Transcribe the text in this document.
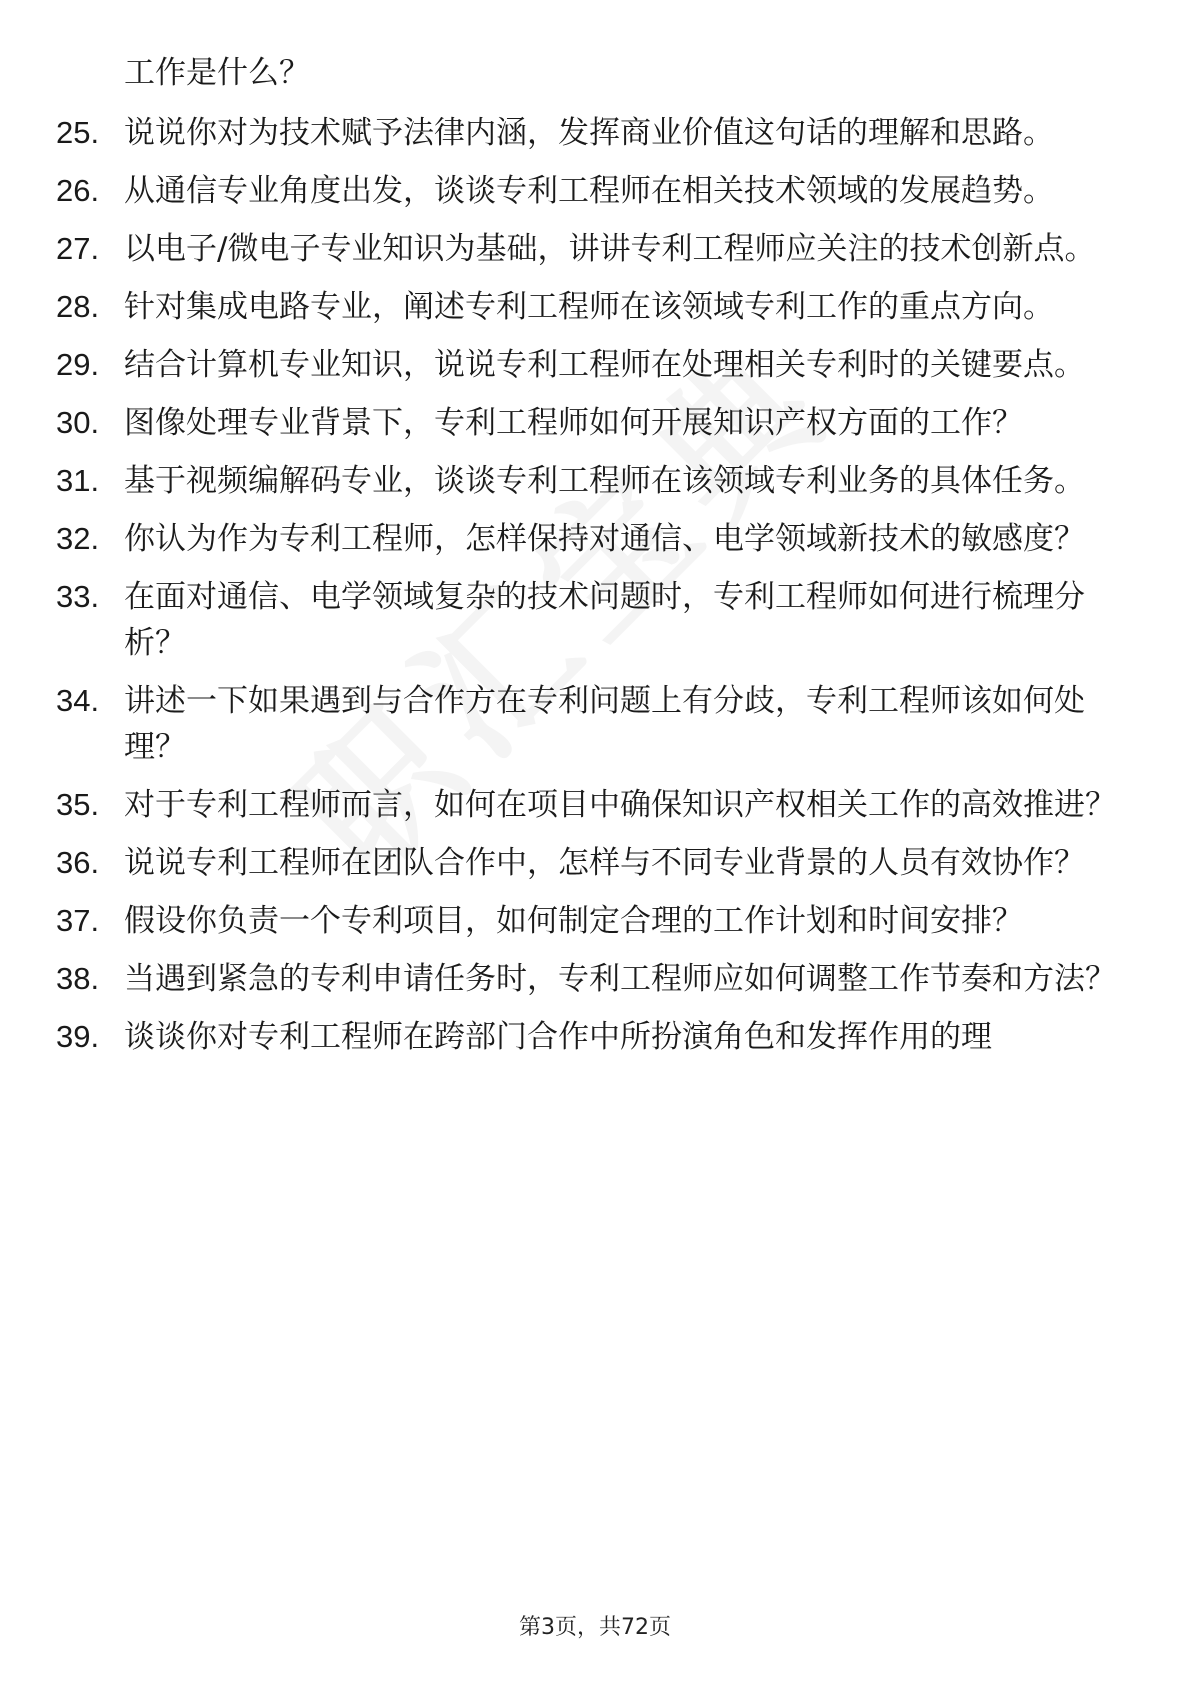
工作是什么？
25. 说说你对为技术赋予法律内涵，发挥商业价值这句话的理解和思路。
26. 从通信专业角度出发，谈谈专利工程师在相关技术领域的发展趋势。
27. 以电子/微电子专业知识为基础，讲讲专利工程师应关注的技术创新点。
28. 针对集成电路专业，阐述专利工程师在该领域专利工作的重点方向。
29. 结合计算机专业知识，说说专利工程师在处理相关专利时的关键要点。
30. 图像处理专业背景下，专利工程师如何开展知识产权方面的工作？
31. 基于视频编解码专业，谈谈专利工程师在该领域专利业务的具体任务。
32. 你认为作为专利工程师，怎样保持对通信、电学领域新技术的敏感度？
33. 在面对通信、电学领域复杂的技术问题时，专利工程师如何进行梳理分析？
34. 讲述一下如果遇到与合作方在专利问题上有分歧，专利工程师该如何处理？
35. 对于专利工程师而言，如何在项目中确保知识产权相关工作的高效推进？
36. 说说专利工程师在团队合作中，怎样与不同专业背景的人员有效协作？
37. 假设你负责一个专利项目，如何制定合理的工作计划和时间安排？
38. 当遇到紧急的专利申请任务时，专利工程师应如何调整工作节奏和方法？
39. 谈谈你对专利工程师在跨部门合作中所扮演角色和发挥作用的理
第3页，共72页
